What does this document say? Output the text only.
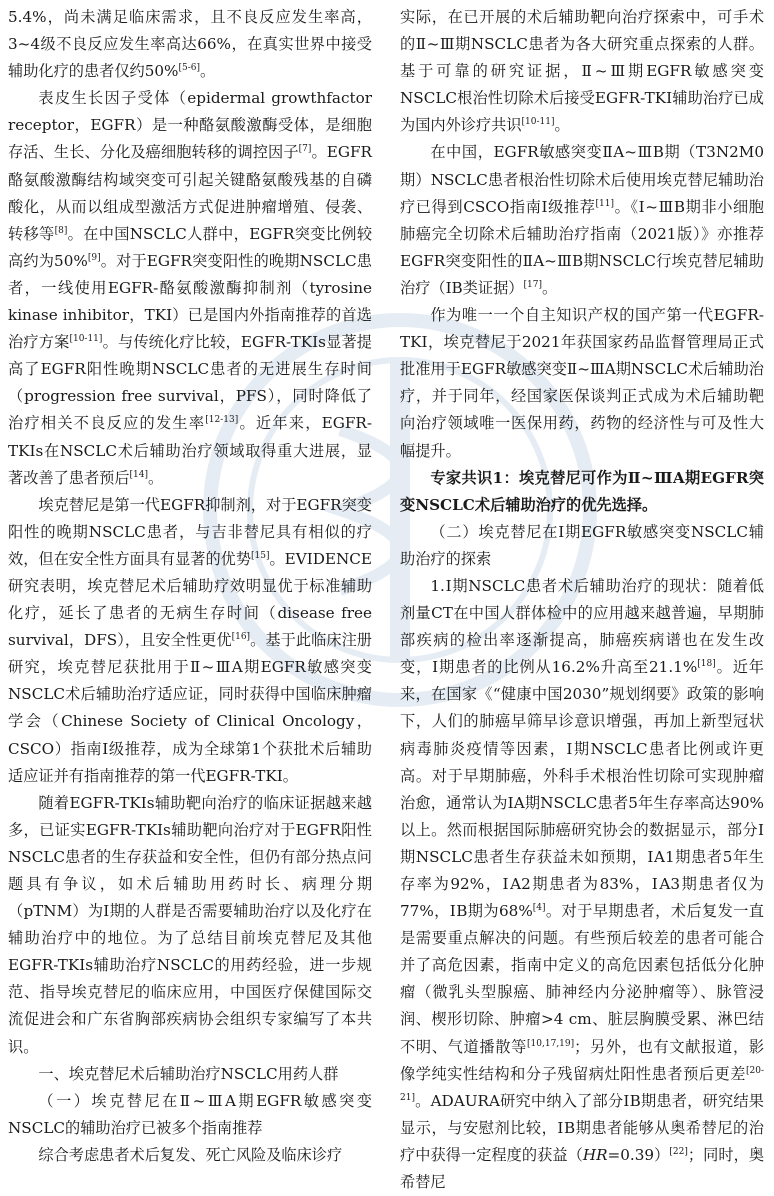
5.4%，尚未满足临床需求，且不良反应发生率高，3~4级不良反应发生率高达66%，在真实世界中接受辅助化疗的患者仅约50%[5-6]。

表皮生长因子受体（epidermal growthfactor receptor，EGFR）是一种酪氨酸激酶受体，是细胞存活、生长、分化及癌细胞转移的调控因子[7]。EGFR酪氨酸激酶结构域突变可引起关键酪氨酸残基的自磷酸化，从而以组成型激活方式促进肿瘤增殖、侵袭、转移等[8]。在中国NSCLC人群中，EGFR突变比例较高约为50%[9]。对于EGFR突变阳性的晚期NSCLC患者，一线使用EGFR-酪氨酸激酶抑制剂（tyrosine kinase inhibitor，TKI）已是国内外指南推荐的首选治疗方案[10-11]。与传统化疗比较，EGFR-TKIs显著提高了EGFR阳性晚期NSCLC患者的无进展生存时间（progression free survival，PFS），同时降低了治疗相关不良反应的发生率[12-13]。近年来，EGFR-TKIs在NSCLC术后辅助治疗领域取得重大进展，显著改善了患者预后[14]。

埃克替尼是第一代EGFR抑制剂，对于EGFR突变阳性的晚期NSCLC患者，与吉非替尼具有相似的疗效，但在安全性方面具有显著的优势[15]。EVIDENCE研究表明，埃克替尼术后辅助疗效明显优于标准辅助化疗，延长了患者的无病生存时间（disease free survival，DFS），且安全性更优[16]。基于此临床注册研究，埃克替尼获批用于Ⅱ~ⅢA期EGFR敏感突变NSCLC术后辅助治疗适应证，同时获得中国临床肿瘤学会（Chinese Society of Clinical Oncology，CSCO）指南Ⅰ级推荐，成为全球第1个获批术后辅助适应证并有指南推荐的第一代EGFR-TKI。

随着EGFR-TKIs辅助靶向治疗的临床证据越来越多，已证实EGFR-TKIs辅助靶向治疗对于EGFR阳性NSCLC患者的生存获益和安全性，但仍有部分热点问题具有争议，如术后辅助用药时长、病理分期（pTNM）为Ⅰ期的人群是否需要辅助治疗以及化疗在辅助治疗中的地位。为了总结目前埃克替尼及其他EGFR-TKIs辅助治疗NSCLC的用药经验，进一步规范、指导埃克替尼的临床应用，中国医疗保健国际交流促进会和广东省胸部疾病协会组织专家编写了本共识。

一、埃克替尼术后辅助治疗NSCLC用药人群

（一）埃克替尼在Ⅱ~ⅢA期EGFR敏感突变NSCLC的辅助治疗已被多个指南推荐

综合考虑患者术后复发、死亡风险及临床诊疗

实际，在已开展的术后辅助靶向治疗探索中，可手术的Ⅱ~Ⅲ期NSCLC患者为各大研究重点探索的人群。基于可靠的研究证据，Ⅱ~Ⅲ期EGFR敏感突变NSCLC根治性切除术后接受EGFR-TKI辅助治疗已成为国内外诊疗共识[10-11]。

在中国，EGFR敏感突变ⅡA~ⅢB期（T3N2M0期）NSCLC患者根治性切除术后使用埃克替尼辅助治疗已得到CSCO指南Ⅰ级推荐[11]。《Ⅰ~ⅢB期非小细胞肺癌完全切除术后辅助治疗指南（2021版）》亦推荐EGFR突变阳性的ⅡA~ⅢB期NSCLC行埃克替尼辅助治疗（ⅠB类证据）[17]。

作为唯一一个自主知识产权的国产第一代EGFR-TKI，埃克替尼于2021年获国家药品监督管理局正式批准用于EGFR敏感突变Ⅱ~ⅢA期NSCLC术后辅助治疗，并于同年，经国家医保谈判正式成为术后辅助靶向治疗领域唯一医保用药，药物的经济性与可及性大幅提升。

专家共识1：埃克替尼可作为Ⅱ~ⅢA期EGFR突变NSCLC术后辅助治疗的优先选择。

（二）埃克替尼在Ⅰ期EGFR敏感突变NSCLC辅助治疗的探索

1.Ⅰ期NSCLC患者术后辅助治疗的现状：随着低剂量CT在中国人群体检中的应用越来越普遍，早期肺部疾病的检出率逐渐提高，肺癌疾病谱也在发生改变，Ⅰ期患者的比例从16.2%升高至21.1%[18]。近年来，在国家《“健康中国2030”规划纲要》政策的影响下，人们的肺癌早筛早诊意识增强，再加上新型冠状病毒肺炎疫情等因素，Ⅰ期NSCLC患者比例或许更高。对于早期肺癌，外科手术根治性切除可实现肿瘤治愈，通常认为ⅠA期NSCLC患者5年生存率高达90%以上。然而根据国际肺癌研究协会的数据显示，部分Ⅰ期NSCLC患者生存获益未如预期，ⅠA1期患者5年生存率为92%，ⅠA2期患者为83%，ⅠA3期患者仅为77%，ⅠB期为68%[4]。对于早期患者，术后复发一直是需要重点解决的问题。有些预后较差的患者可能合并了高危因素，指南中定义的高危因素包括低分化肿瘤（微乳头型腺癌、肺神经内分泌肿瘤等）、脉管浸润、楔形切除、肿瘤>4 cm、脏层胸膜受累、淋巴结不明、气道播散等[10,17,19]；另外，也有文献报道，影像学纯实性结构和分子残留病灶阳性患者预后更差[20-21]。ADAURA研究中纳入了部分ⅠB期患者，研究结果显示，与安慰剂比较，ⅠB期患者能够从奥希替尼的治疗中获得一定程度的获益（HR=0.39）[22]；同时，奥希替尼
